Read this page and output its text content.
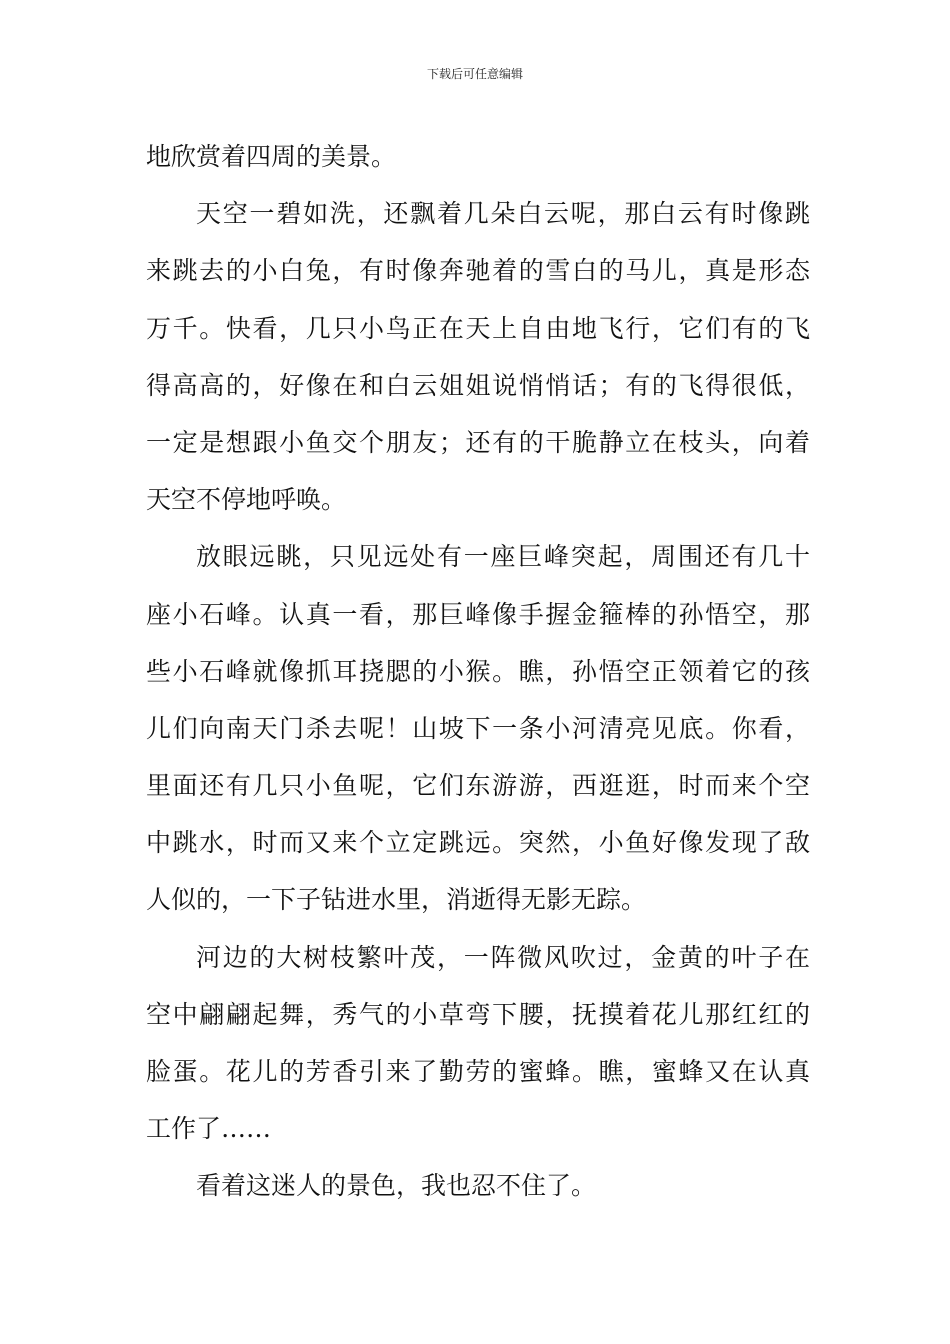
下载后可任意编辑
地欣赏着四周的美景。
天空一碧如洗，还飘着几朵白云呢，那白云有时像跳
来跳去的小白兔，有时像奔驰着的雪白的马儿，真是形态
万千。快看，几只小鸟正在天上自由地飞行，它们有的飞
得高高的，好像在和白云姐姐说悄悄话；有的飞得很低，
一定是想跟小鱼交个朋友；还有的干脆静立在枝头，向着
天空不停地呼唤。
放眼远眺，只见远处有一座巨峰突起，周围还有几十
座小石峰。认真一看，那巨峰像手握金箍棒的孙悟空，那
些小石峰就像抓耳挠腮的小猴。瞧，孙悟空正领着它的孩
儿们向南天门杀去呢！山坡下一条小河清亮见底。你看，
里面还有几只小鱼呢，它们东游游，西逛逛，时而来个空
中跳水，时而又来个立定跳远。突然，小鱼好像发现了敌
人似的，一下子钻进水里，消逝得无影无踪。
河边的大树枝繁叶茂，一阵微风吹过，金黄的叶子在
空中翩翩起舞，秀气的小草弯下腰，抚摸着花儿那红红的
脸蛋。花儿的芳香引来了勤劳的蜜蜂。瞧，蜜蜂又在认真
工作了……
看着这迷人的景色，我也忍不住了。
